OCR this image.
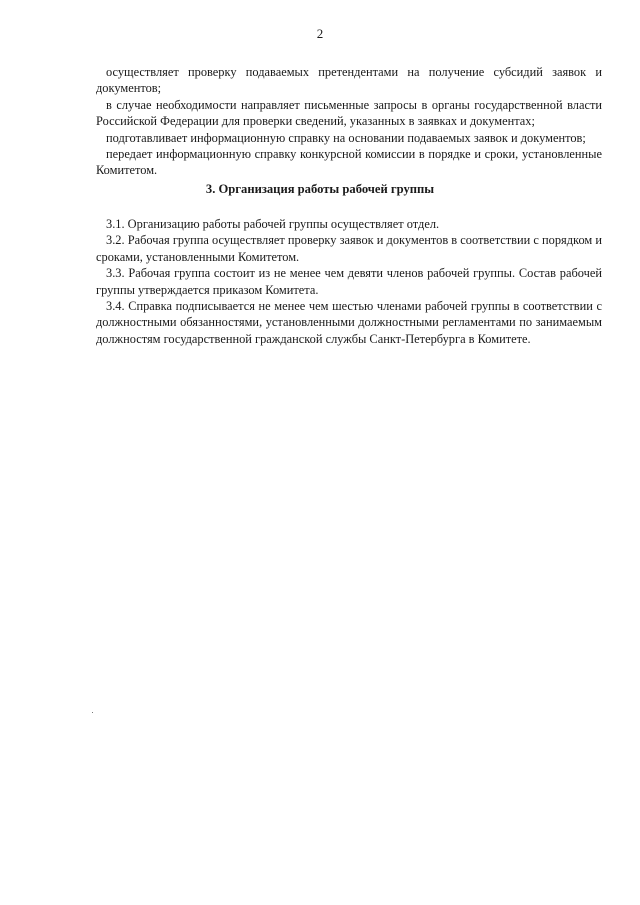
2

осуществляет проверку подаваемых претендентами на получение субсидий заявок и документов;

в случае необходимости направляет письменные запросы в органы государственной власти Российской Федерации для проверки сведений, указанных в заявках и документах;

подготавливает информационную справку на основании подаваемых заявок и документов;

передает информационную справку конкурсной комиссии в порядке и сроки, установленные Комитетом.

3. Организация работы рабочей группы

3.1. Организацию работы рабочей группы осуществляет отдел.

3.2. Рабочая группа осуществляет проверку заявок и документов в соответствии с порядком и сроками, установленными Комитетом.

3.3. Рабочая группа состоит из не менее чем девяти членов рабочей группы. Состав рабочей группы утверждается приказом Комитета.

3.4. Справка подписывается не менее чем шестью членами рабочей группы в соответствии с должностными обязанностями, установленными должностными регламентами по занимаемым должностям государственной гражданской службы Санкт-Петербурга в Комитете.
